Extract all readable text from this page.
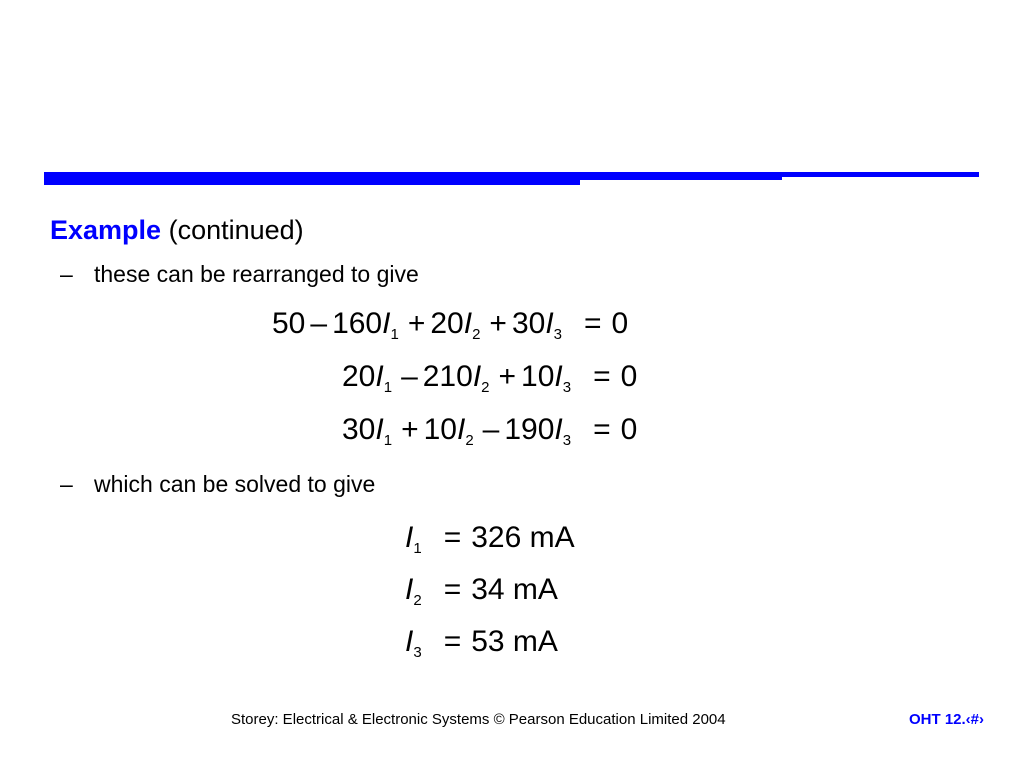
Example (continued)
– these can be rearranged to give
$50 - 160I_1 + 20I_2 + 30I_3 = 0$
$20I_1 - 210I_2 + 10I_3 = 0$
$30I_1 + 10I_2 - 190I_3 = 0$
– which can be solved to give
$I_1 = 326$ mA
$I_2 = 34$ mA
$I_3 = 53$ mA
Storey: Electrical & Electronic Systems © Pearson Education Limited 2004	OHT 12.‹#›
